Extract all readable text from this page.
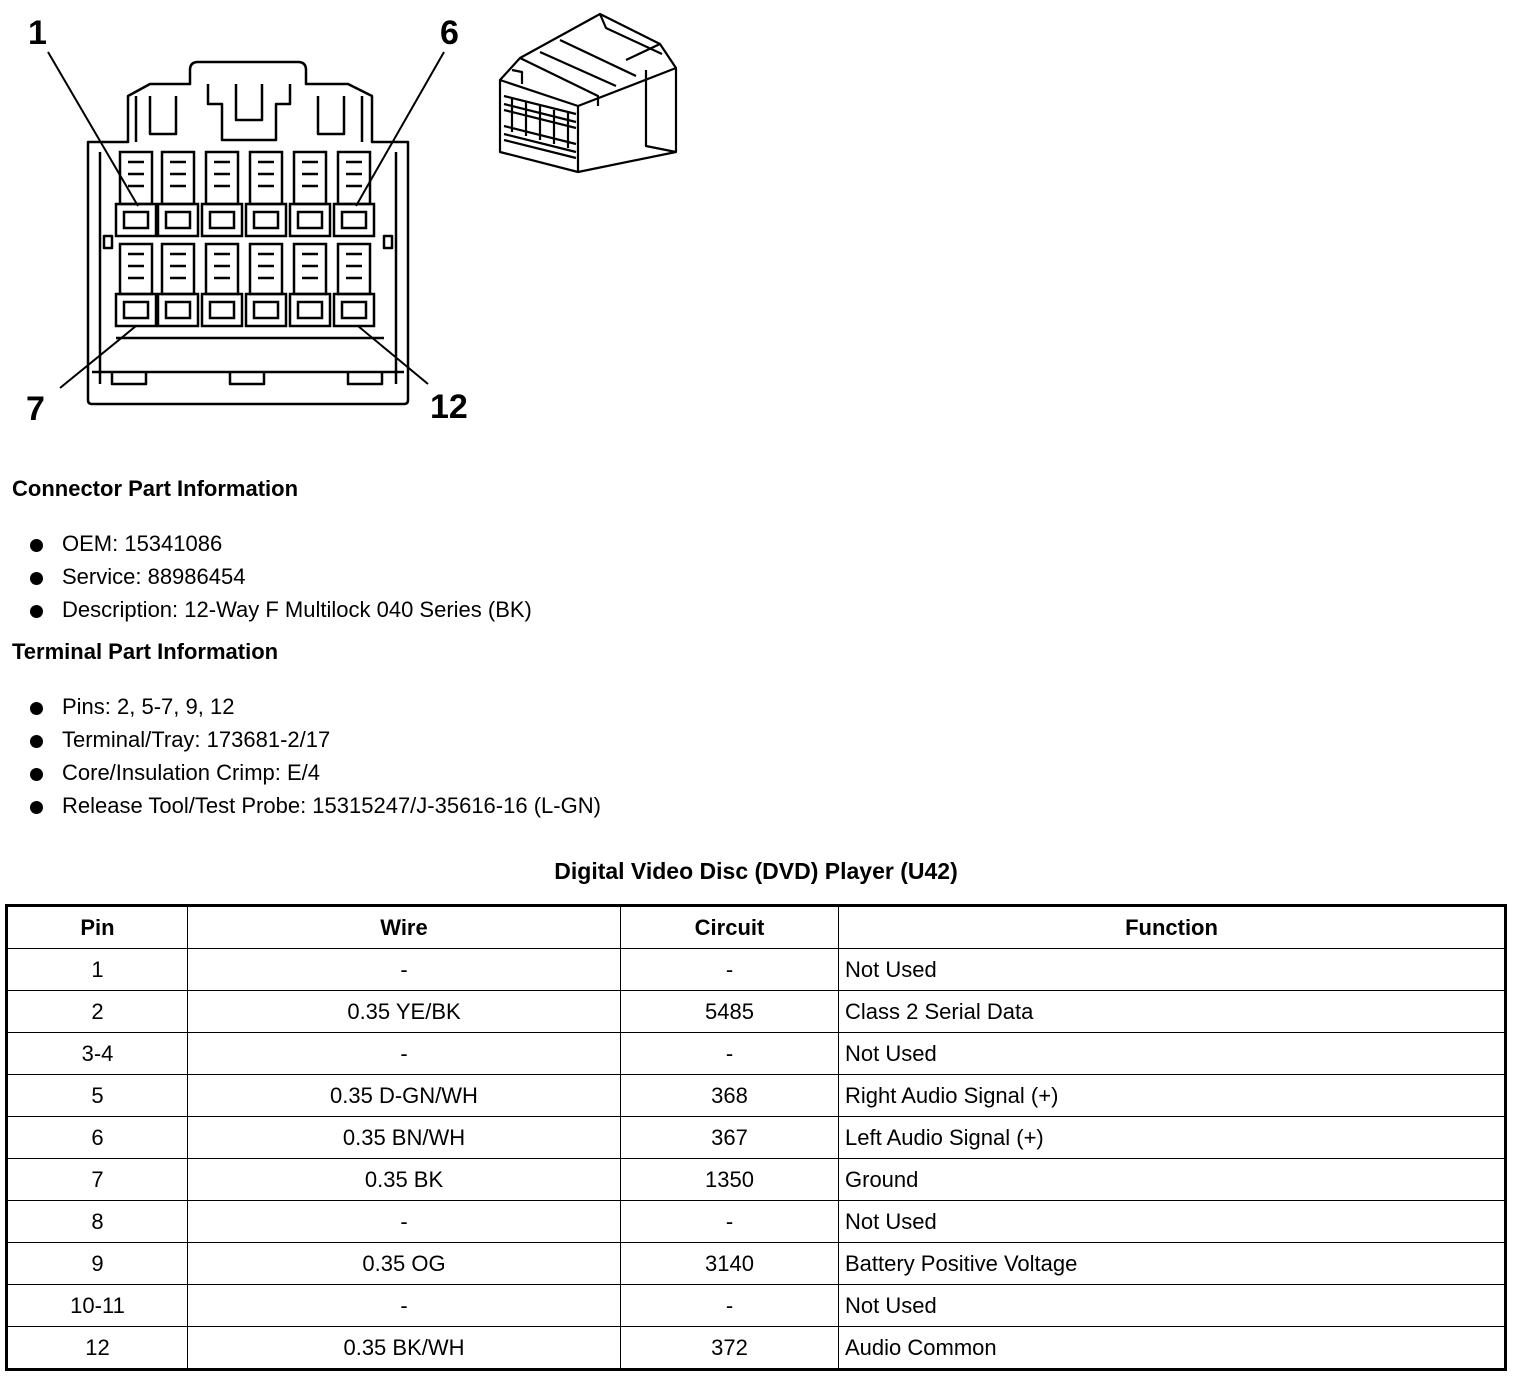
1	6
7	12
Connector Part Information
OEM: 15341086
Service: 88986454
Description: 12-Way F Multilock 040 Series (BK)
Terminal Part Information
Pins: 2, 5-7, 9, 12
Terminal/Tray: 173681-2/17
Core/Insulation Crimp: E/4
Release Tool/Test Probe: 15315247/J-35616-16 (L-GN)
Digital Video Disc (DVD) Player (U42)
Pin	Wire	Circuit	Function
1	-	-	Not Used
2	0.35 YE/BK	5485	Class 2 Serial Data
3-4	-	-	Not Used
5	0.35 D-GN/WH	368	Right Audio Signal (+)
6	0.35 BN/WH	367	Left Audio Signal (+)
7	0.35 BK	1350	Ground
8	-	-	Not Used
9	0.35 OG	3140	Battery Positive Voltage
10-11	-	-	Not Used
12	0.35 BK/WH	372	Audio Common
